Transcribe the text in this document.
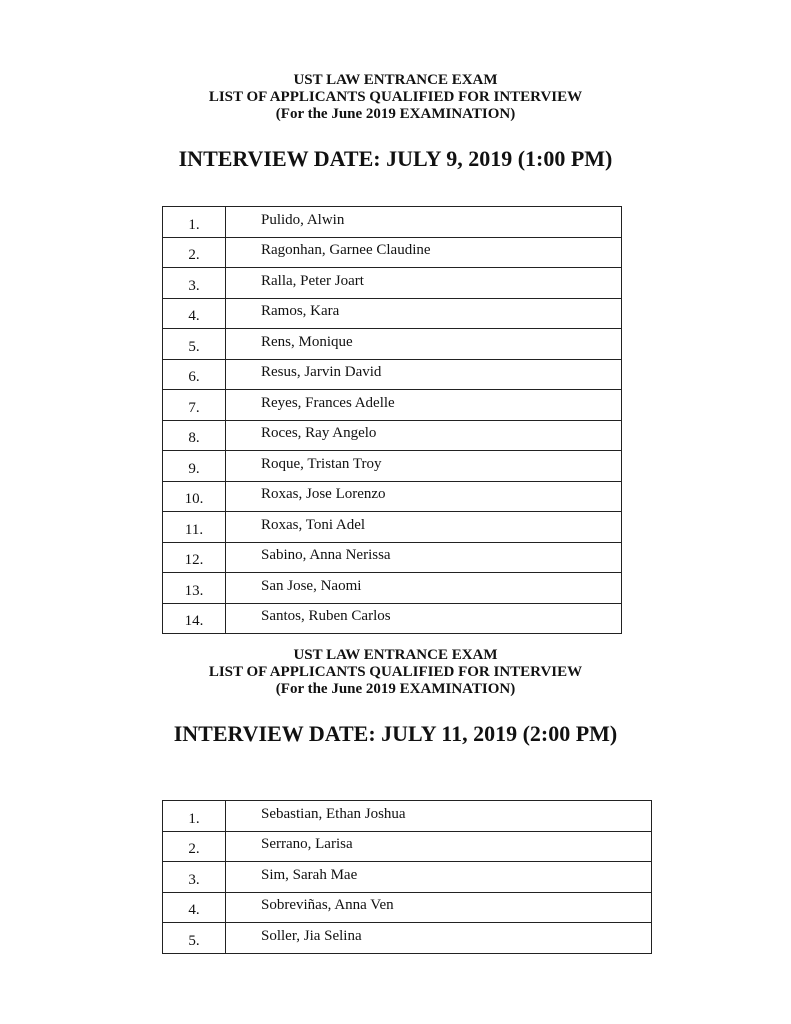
UST LAW ENTRANCE EXAM
LIST OF APPLICANTS QUALIFIED FOR INTERVIEW
(For the June 2019 EXAMINATION)
INTERVIEW DATE: JULY 9, 2019 (1:00 PM)
1.	Pulido, Alwin
2.	Ragonhan, Garnee Claudine
3.	Ralla, Peter Joart
4.	Ramos, Kara
5.	Rens, Monique
6.	Resus, Jarvin David
7.	Reyes, Frances Adelle
8.	Roces, Ray Angelo
9.	Roque, Tristan Troy
10.	Roxas, Jose Lorenzo
11.	Roxas, Toni Adel
12.	Sabino, Anna Nerissa
13.	San Jose, Naomi
14.	Santos, Ruben Carlos
UST LAW ENTRANCE EXAM
LIST OF APPLICANTS QUALIFIED FOR INTERVIEW
(For the June 2019 EXAMINATION)
INTERVIEW DATE: JULY 11, 2019 (2:00 PM)
1.	Sebastian, Ethan Joshua
2.	Serrano, Larisa
3.	Sim, Sarah Mae
4.	Sobreviñas, Anna Ven
5.	Soller, Jia Selina
